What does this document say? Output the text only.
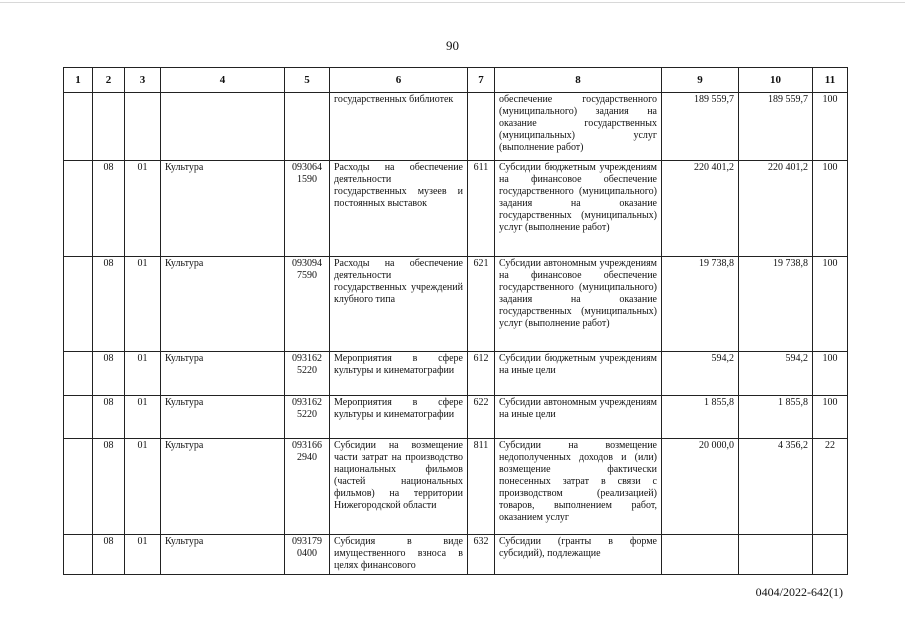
90
1	2	3	4	5	6	7	8	9	10	11
					государственных библиотек		обеспечение государственного (муниципального) задания на оказание государственных (муниципальных) услуг (выполнение работ)	189 559,7	189 559,7	100
	08	01	Культура	093064 1590	Расходы на обеспечение деятельности государственных музеев и постоянных выставок	611	Субсидии бюджетным учреждениям на финансовое обеспечение государственного (муниципального) задания на оказание государственных (муниципальных) услуг (выполнение работ)	220 401,2	220 401,2	100
	08	01	Культура	093094 7590	Расходы на обеспечение деятельности государственных учреждений клубного типа	621	Субсидии автономным учреждениям на финансовое обеспечение государственного (муниципального) задания на оказание государственных (муниципальных) услуг (выполнение работ)	19 738,8	19 738,8	100
	08	01	Культура	093162 5220	Мероприятия в сфере культуры и кинематографии	612	Субсидии бюджетным учреждениям на иные цели	594,2	594,2	100
	08	01	Культура	093162 5220	Мероприятия в сфере культуры и кинематографии	622	Субсидии автономным учреждениям на иные цели	1 855,8	1 855,8	100
	08	01	Культура	093166 2940	Субсидии на возмещение части затрат на производство национальных фильмов (частей национальных фильмов) на территории Нижегородской области	811	Субсидии на возмещение недополученных доходов и (или) возмещение фактически понесенных затрат в связи с производством (реализацией) товаров, выполнением работ, оказанием услуг	20 000,0	4 356,2	22
	08	01	Культура	093179 0400	Субсидия в виде имущественного взноса в целях финансового	632	Субсидии (гранты в форме субсидий), подлежащие			
0404/2022-642(1)
